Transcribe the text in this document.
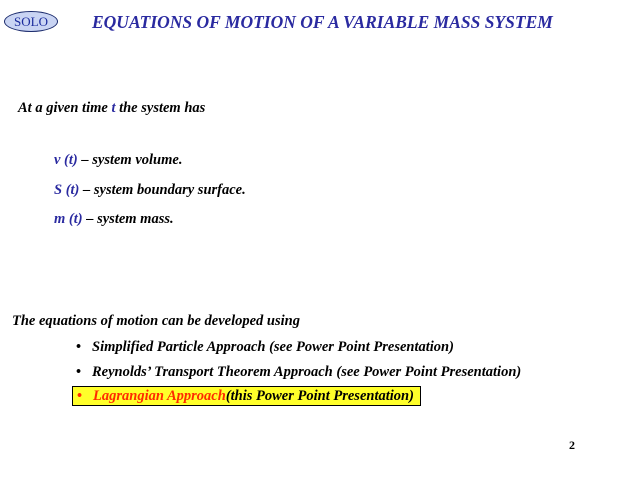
SOLO	EQUATIONS OF MOTION OF A VARIABLE MASS SYSTEM
At a given time t the system has
v (t) – system volume.
S (t) – system boundary surface.
m (t) – system mass.
The equations of motion can be developed using
• Simplified Particle Approach (see Power Point Presentation)
• Reynolds’ Transport Theorem Approach (see Power Point Presentation)
• Lagrangian Approach (this Power Point Presentation)
2
